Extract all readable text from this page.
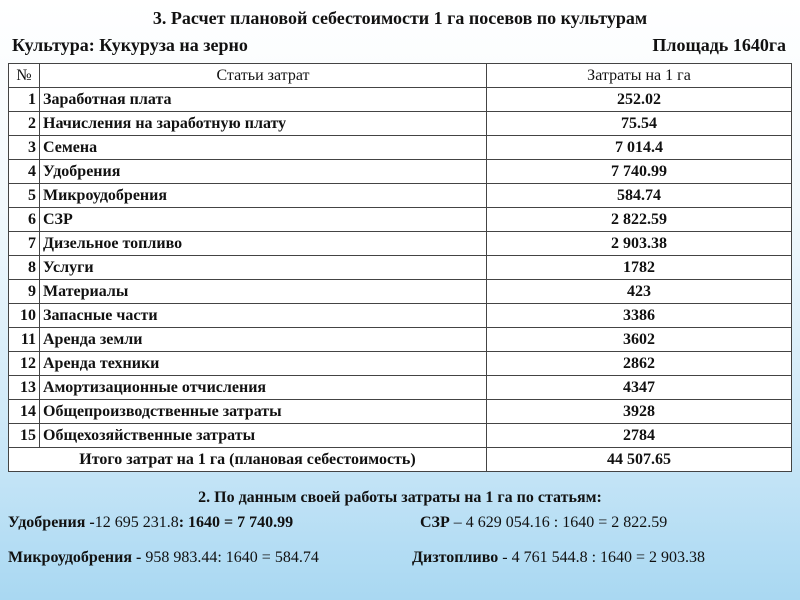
3. Расчет плановой себестоимости 1 га посевов по культурам
Культура: Кукуруза на зерно	Площадь 1640га
№	Статьи затрат	Затраты на 1 га
1	Заработная плата	252.02
2	Начисления на заработную плату	75.54
3	Семена	7 014.4
4	Удобрения	7 740.99
5	Микроудобрения	584.74
6	СЗР	2 822.59
7	Дизельное топливо	2 903.38
8	Услуги	1782
9	Материалы	423
10	Запасные части	3386
11	Аренда земли	3602
12	Аренда техники	2862
13	Амортизационные отчисления	4347
14	Общепроизводственные затраты	3928
15	Общехозяйственные затраты	2784
Итого затрат на 1 га (плановая себестоимость)		44 507.65
2. По данным своей работы затраты на 1 га по статьям:
Удобрения -12 695 231.8: 1640 = 7 740.99	СЗР – 4 629 054.16 : 1640 = 2 822.59
Микроудобрения - 958 983.44: 1640 = 584.74	Дизтопливо - 4 761 544.8 : 1640 = 2 903.38
